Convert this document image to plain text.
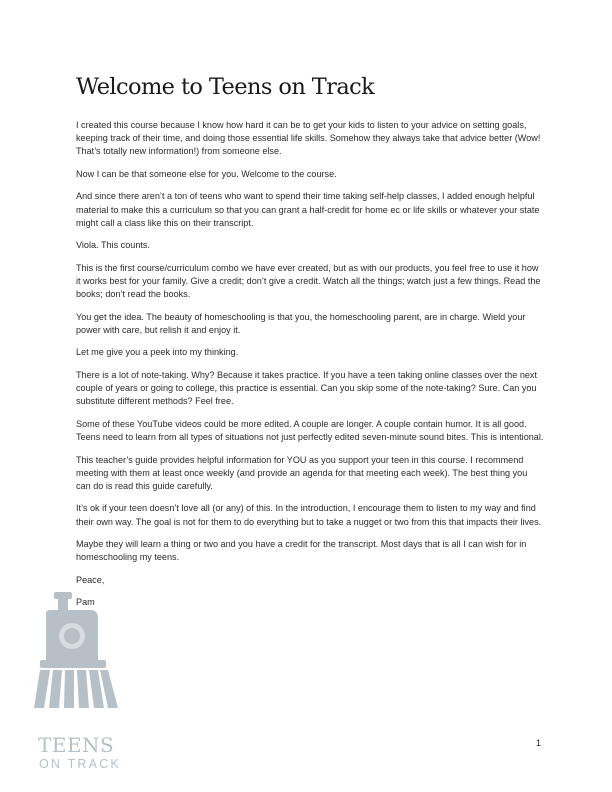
Welcome to Teens on Track

I created this course because I know how hard it can be to get your kids to listen to your advice on setting goals, keeping track of their time, and doing those essential life skills. Somehow they always take that advice better (Wow! That’s totally new information!) from someone else.

Now I can be that someone else for you. Welcome to the course.

And since there aren’t a ton of teens who want to spend their time taking self-help classes, I added enough helpful material to make this a curriculum so that you can grant a half-credit for home ec or life skills or whatever your state might call a class like this on their transcript.

Viola. This counts.

This is the first course/curriculum combo we have ever created, but as with our products, you feel free to use it how it works best for your family. Give a credit; don’t give a credit. Watch all the things; watch just a few things. Read the books; don’t read the books.

You get the idea. The beauty of homeschooling is that you, the homeschooling parent, are in charge. Wield your power with care, but relish it and enjoy it.

Let me give you a peek into my thinking.

There is a lot of note-taking. Why? Because it takes practice. If you have a teen taking online classes over the next couple of years or going to college, this practice is essential. Can you skip some of the note-taking? Sure. Can you substitute different methods? Feel free.

Some of these YouTube videos could be more edited. A couple are longer. A couple contain humor. It is all good. Teens need to learn from all types of situations not just perfectly edited seven-minute sound bites. This is intentional.

This teacher’s guide provides helpful information for YOU as you support your teen in this course. I recommend meeting with them at least once weekly (and provide an agenda for that meeting each week). The best thing you can do is read this guide carefully.

It’s ok if your teen doesn’t love all (or any) of this. In the introduction, I encourage them to listen to my way and find their own way. The goal is not for them to do everything but to take a nugget or two from this that impacts their lives.

Maybe they will learn a thing or two and you have a credit for the transcript. Most days that is all I can wish for in homeschooling my teens.

Peace,

Pam

TEENS
ON TRACK
1
